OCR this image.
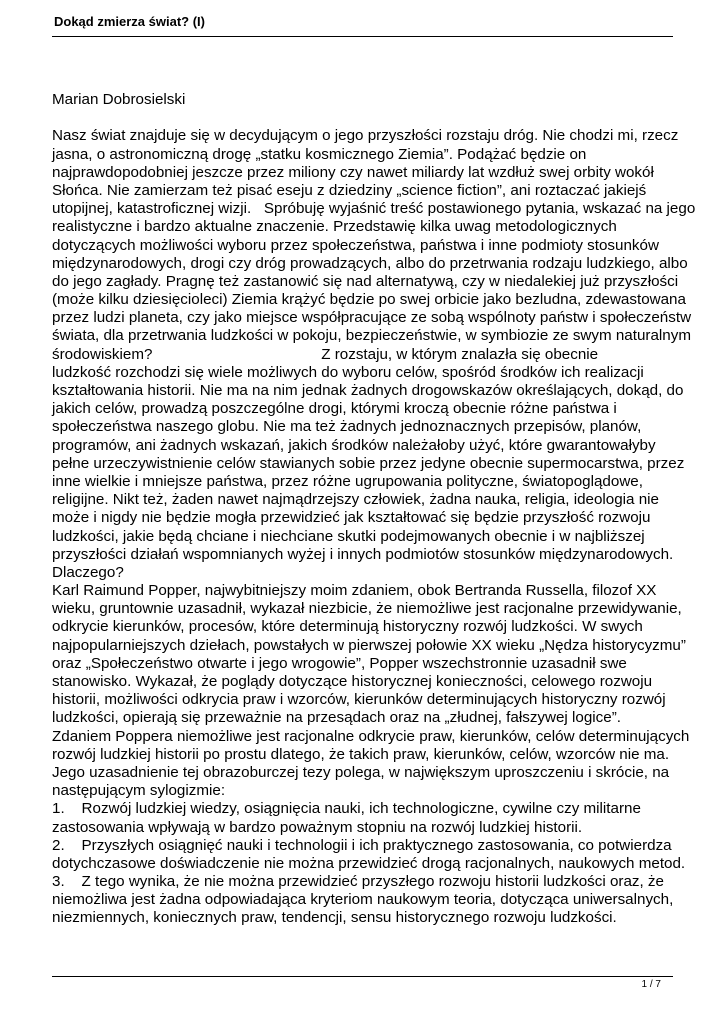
Dokąd zmierza świat? (I)
Marian Dobrosielski
Nasz świat znajduje się w decydującym o jego przyszłości rozstaju dróg. Nie chodzi mi, rzecz
jasna, o astronomiczną drogę „statku kosmicznego Ziemia”. Podążać będzie on
najprawdopodobniej jeszcze przez miliony czy nawet miliardy lat wzdłuż swej orbity wokół
Słońca. Nie zamierzam też pisać eseju z dziedziny „science fiction”, ani roztaczać jakiejś
utopijnej, katastroficznej wizji.   Spróbuję wyjaśnić treść postawionego pytania, wskazać na jego
realistyczne i bardzo aktualne znaczenie. Przedstawię kilka uwag metodologicznych
dotyczących możliwości wyboru przez społeczeństwa, państwa i inne podmioty stosunków
międzynarodowych, drogi czy dróg prowadzących, albo do przetrwania rodzaju ludzkiego, albo
do jego zagłady. Pragnę też zastanowić się nad alternatywą, czy w niedalekiej już przyszłości
(może kilku dziesięcioleci) Ziemia krążyć będzie po swej orbicie jako bezludna, zdewastowana
przez ludzi planeta, czy jako miejsce współpracujące ze sobą wspólnoty państw i społeczeństw
świata, dla przetrwania ludzkości w pokoju, bezpieczeństwie, w symbiozie ze swym naturalnym
środowiskiem?                                        Z rozstaju, w którym znalazła się obecnie
ludzkość rozchodzi się wiele możliwych do wyboru celów, spośród środków ich realizacji
kształtowania historii. Nie ma na nim jednak żadnych drogowskazów określających, dokąd, do
jakich celów, prowadzą poszczególne drogi, którymi kroczą obecnie różne państwa i
społeczeństwa naszego globu. Nie ma też żadnych jednoznacznych przepisów, planów,
programów, ani żadnych wskazań, jakich środków należałoby użyć, które gwarantowałyby
pełne urzeczywistnienie celów stawianych sobie przez jedyne obecnie supermocarstwa, przez
inne wielkie i mniejsze państwa, przez różne ugrupowania polityczne, światopoglądowe,
religijne. Nikt też, żaden nawet najmądrzejszy człowiek, żadna nauka, religia, ideologia nie
może i nigdy nie będzie mogła przewidzieć jak kształtować się będzie przyszłość rozwoju
ludzkości, jakie będą chciane i niechciane skutki podejmowanych obecnie i w najbliższej
przyszłości działań wspomnianych wyżej i innych podmiotów stosunków międzynarodowych.
Dlaczego?
Karl Raimund Popper, najwybitniejszy moim zdaniem, obok Bertranda Russella, filozof XX
wieku, gruntownie uzasadnił, wykazał niezbicie, że niemożliwe jest racjonalne przewidywanie,
odkrycie kierunków, procesów, które determinują historyczny rozwój ludzkości. W swych
najpopularniejszych dziełach, powstałych w pierwszej połowie XX wieku „Nędza historycyzmu”
oraz „Społeczeństwo otwarte i jego wrogowie”, Popper wszechstronnie uzasadnił swe
stanowisko. Wykazał, że poglądy dotyczące historycznej konieczności, celowego rozwoju
historii, możliwości odkrycia praw i wzorców, kierunków determinujących historyczny rozwój
ludzkości, opierają się przeważnie na przesądach oraz na „złudnej, fałszywej logice”.
Zdaniem Poppera niemożliwe jest racjonalne odkrycie praw, kierunków, celów determinujących
rozwój ludzkiej historii po prostu dlatego, że takich praw, kierunków, celów, wzorców nie ma.
Jego uzasadnienie tej obrazoburczej tezy polega, w największym uproszczeniu i skrócie, na
następującym sylogizmie:
1.    Rozwój ludzkiej wiedzy, osiągnięcia nauki, ich technologiczne, cywilne czy militarne
zastosowania wpływają w bardzo poważnym stopniu na rozwój ludzkiej historii.
2.    Przyszłych osiągnięć nauki i technologii i ich praktycznego zastosowania, co potwierdza
dotychczasowe doświadczenie nie można przewidzieć drogą racjonalnych, naukowych metod.
3.    Z tego wynika, że nie można przewidzieć przyszłego rozwoju historii ludzkości oraz, że
niemożliwa jest żadna odpowiadająca kryteriom naukowym teoria, dotycząca uniwersalnych,
niezmiennych, koniecznych praw, tendencji, sensu historycznego rozwoju ludzkości.
1 / 7
